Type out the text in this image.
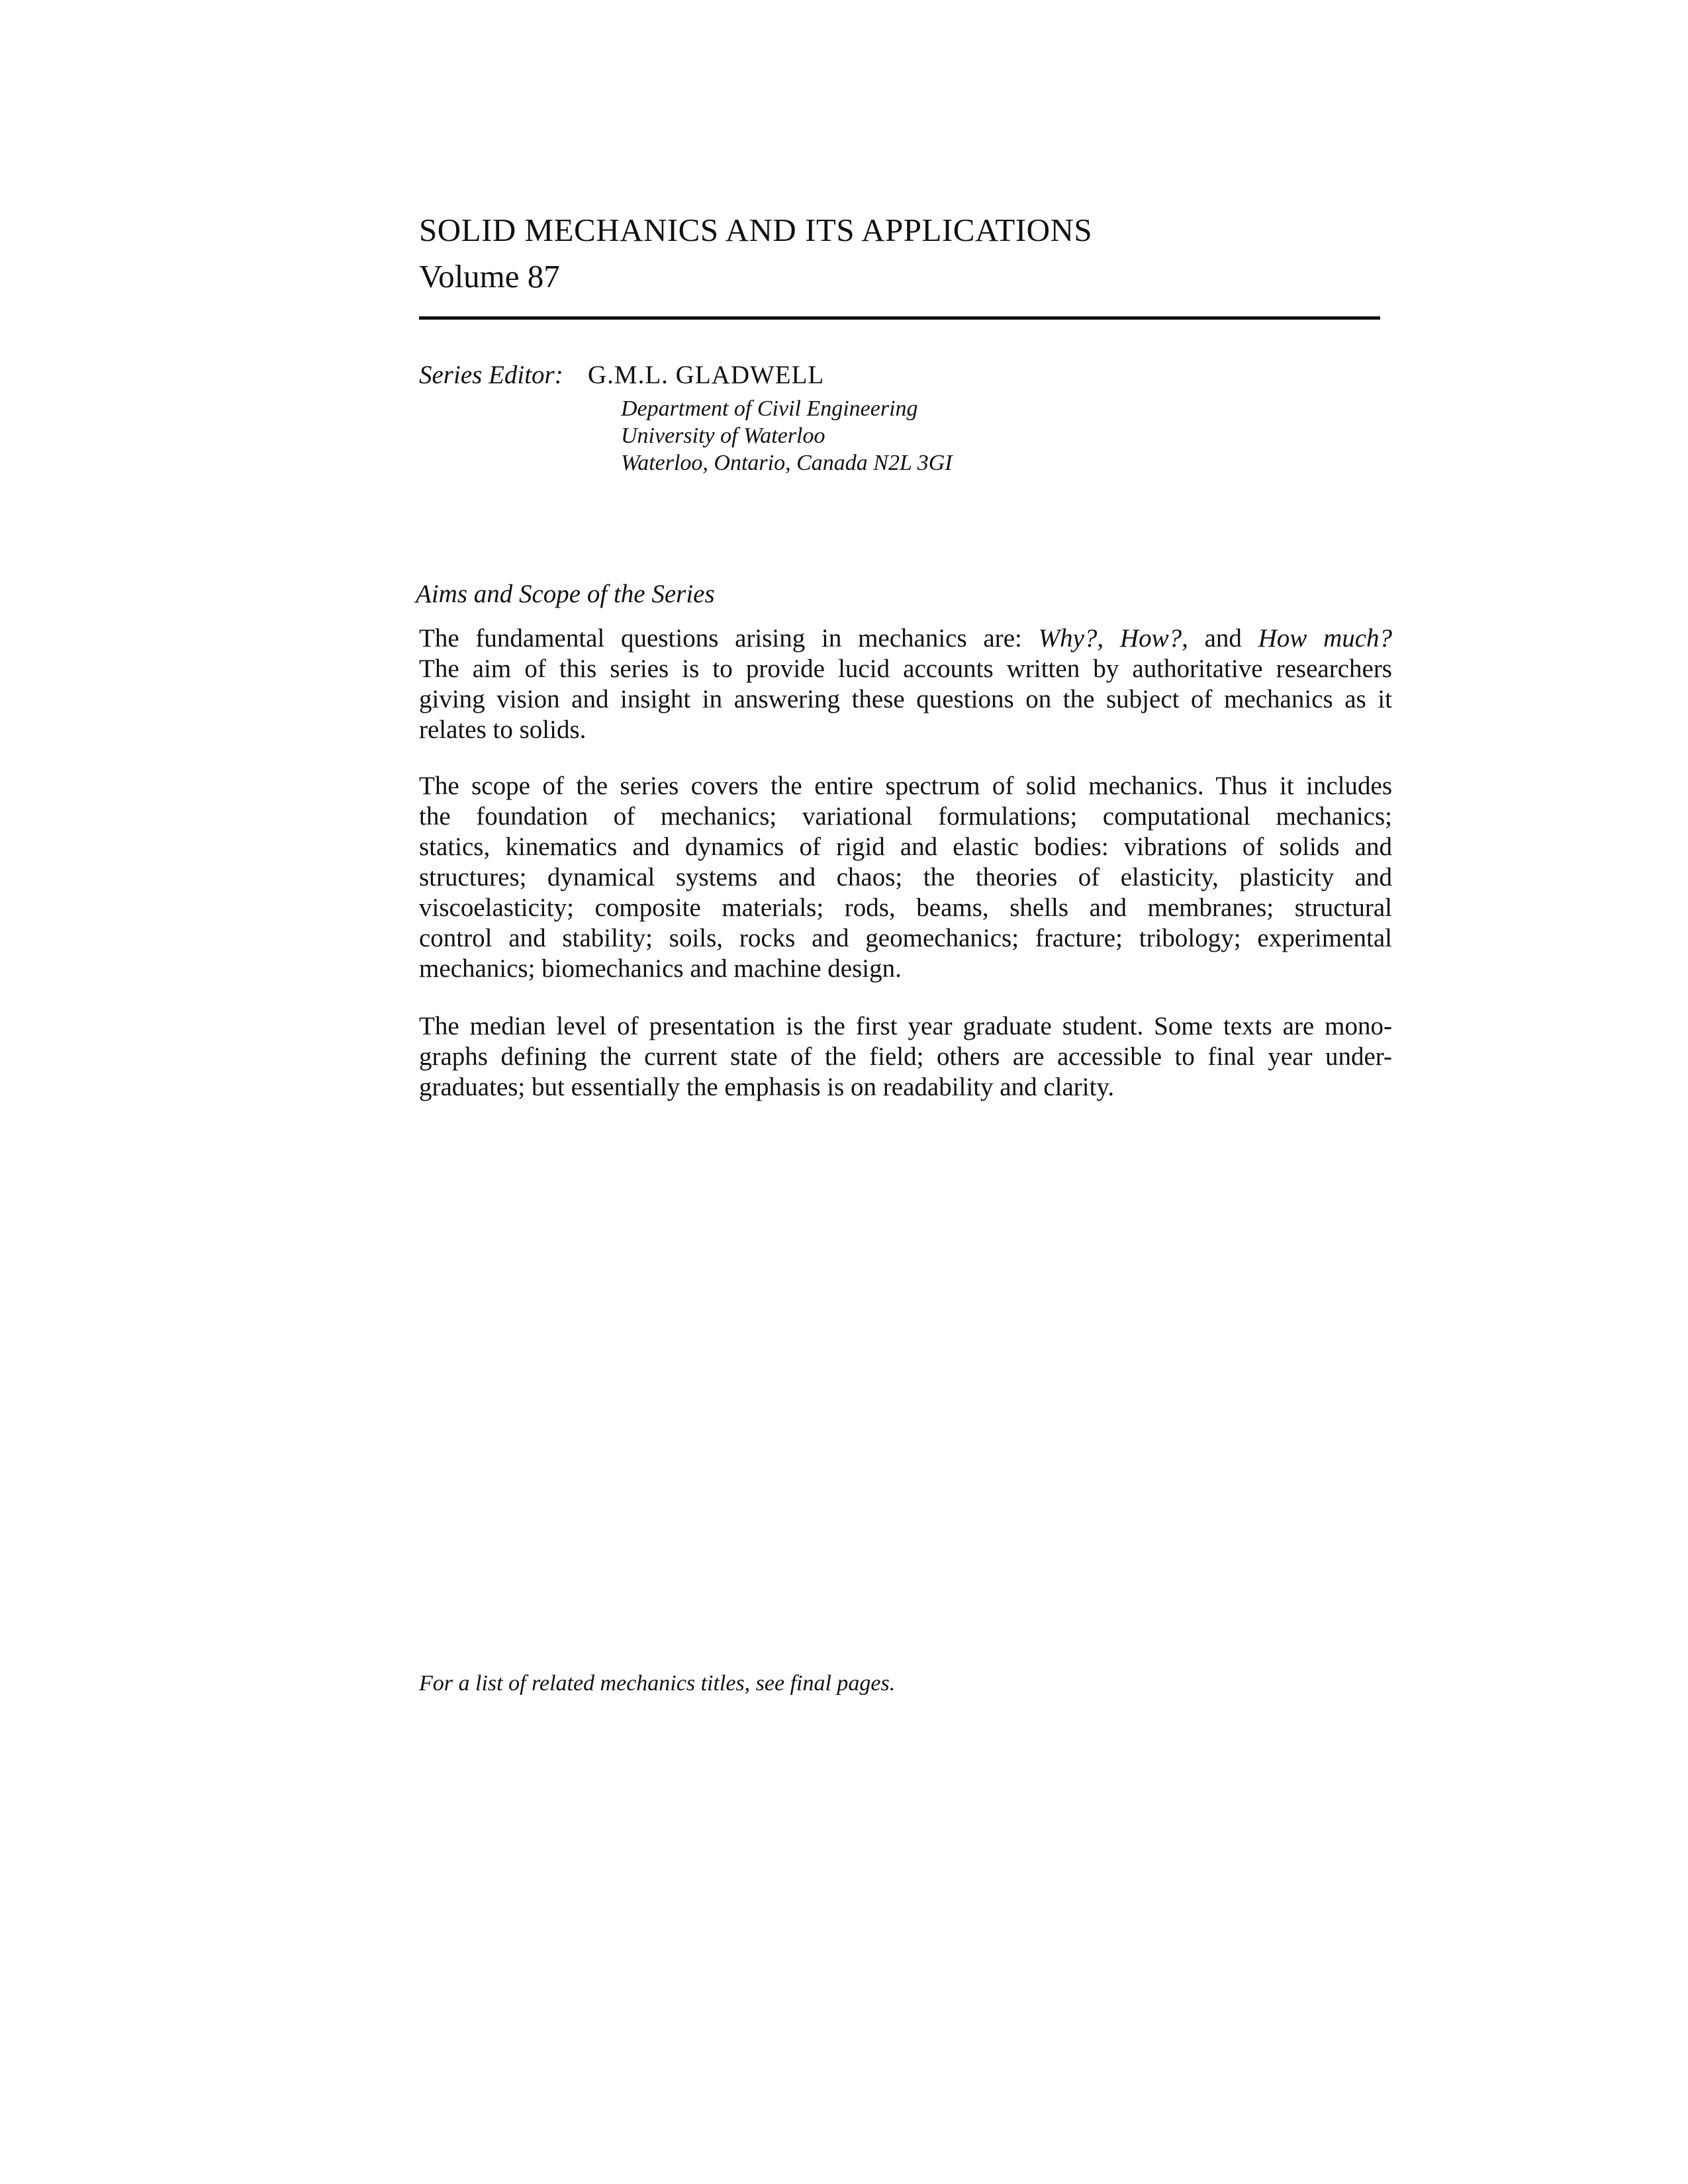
SOLID MECHANICS AND ITS APPLICATIONS
Volume 87
Series Editor: G.M.L. GLADWELL
Department of Civil Engineering
University of Waterloo
Waterloo, Ontario, Canada N2L 3GI
Aims and Scope of the Series
The fundamental questions arising in mechanics are: Why?, How?, and How much?
The aim of this series is to provide lucid accounts written by authoritative researchers
giving vision and insight in answering these questions on the subject of mechanics as it
relates to solids.
The scope of the series covers the entire spectrum of solid mechanics. Thus it includes
the foundation of mechanics; variational formulations; computational mechanics;
statics, kinematics and dynamics of rigid and elastic bodies: vibrations of solids and
structures; dynamical systems and chaos; the theories of elasticity, plasticity and
viscoelasticity; composite materials; rods, beams, shells and membranes; structural
control and stability; soils, rocks and geomechanics; fracture; tribology; experimental
mechanics; biomechanics and machine design.
The median level of presentation is the first year graduate student. Some texts are mono-
graphs defining the current state of the field; others are accessible to final year under-
graduates; but essentially the emphasis is on readability and clarity.
For a list of related mechanics titles, see final pages.
